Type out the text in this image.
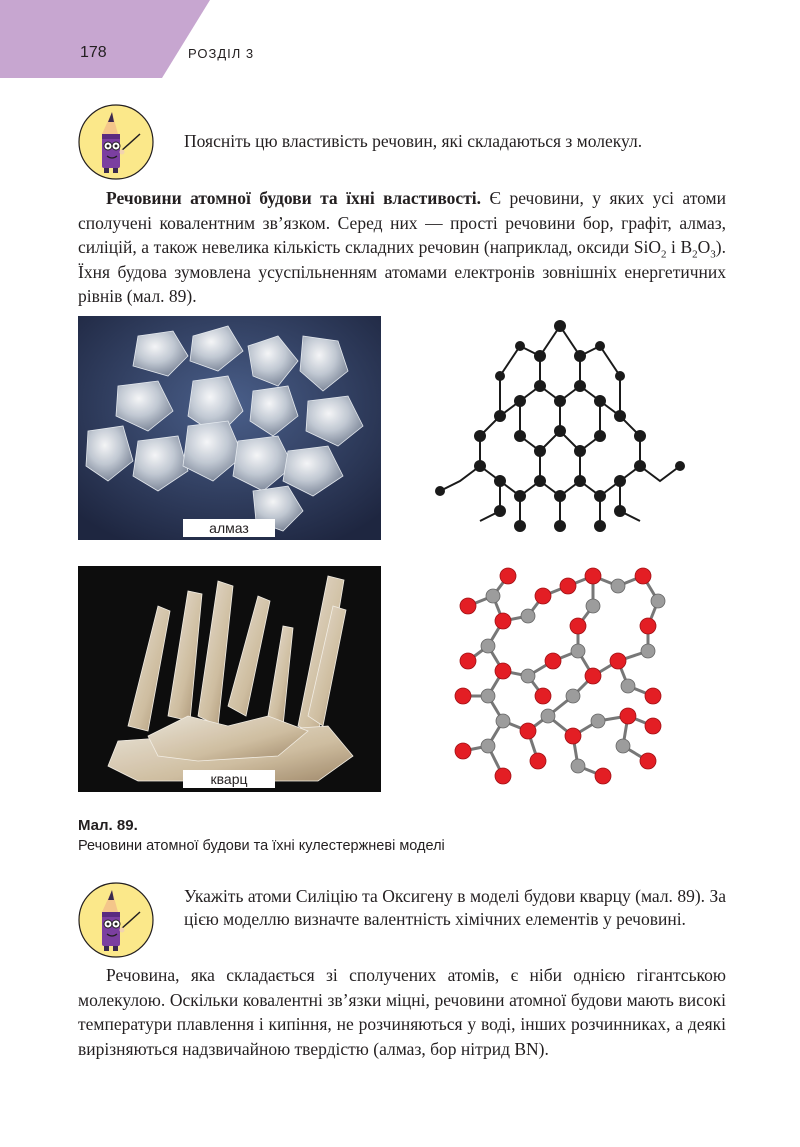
178	РОЗДІЛ 3
Поясніть цю властивість речовин, які складаються з молекул.
Речовини атомної будови та їхні властивості. Є речовини, у яких усі атоми сполучені ковалентним зв’язком. Серед них — прості речовини бор, графіт, алмаз, силіцій, а також невелика кількість складних речовин (наприклад, оксиди SiO$_2$ і $B_2O_3$). Їхня будова зумовлена усуспільненням атомами електронів зовнішніх енергетичних рівнів (мал. 89).
алмаз
кварц
Мал. 89.
Речовини атомної будови та їхні кулестержневі моделі
Укажіть атоми Силіцію та Оксигену в моделі будови кварцу (мал. 89). За цією моделлю визначте валентність хімічних елементів у речовині.
Речовина, яка складається зі сполучених атомів, є ніби однією гігантською молекулою. Оскільки ковалентні зв’язки міцні, речовини атомної будови мають високі температури плавлення і кипіння, не розчиняються у воді, інших розчинниках, а деякі вирізняються надзвичайною твердістю (алмаз, бор нітрид BN).
